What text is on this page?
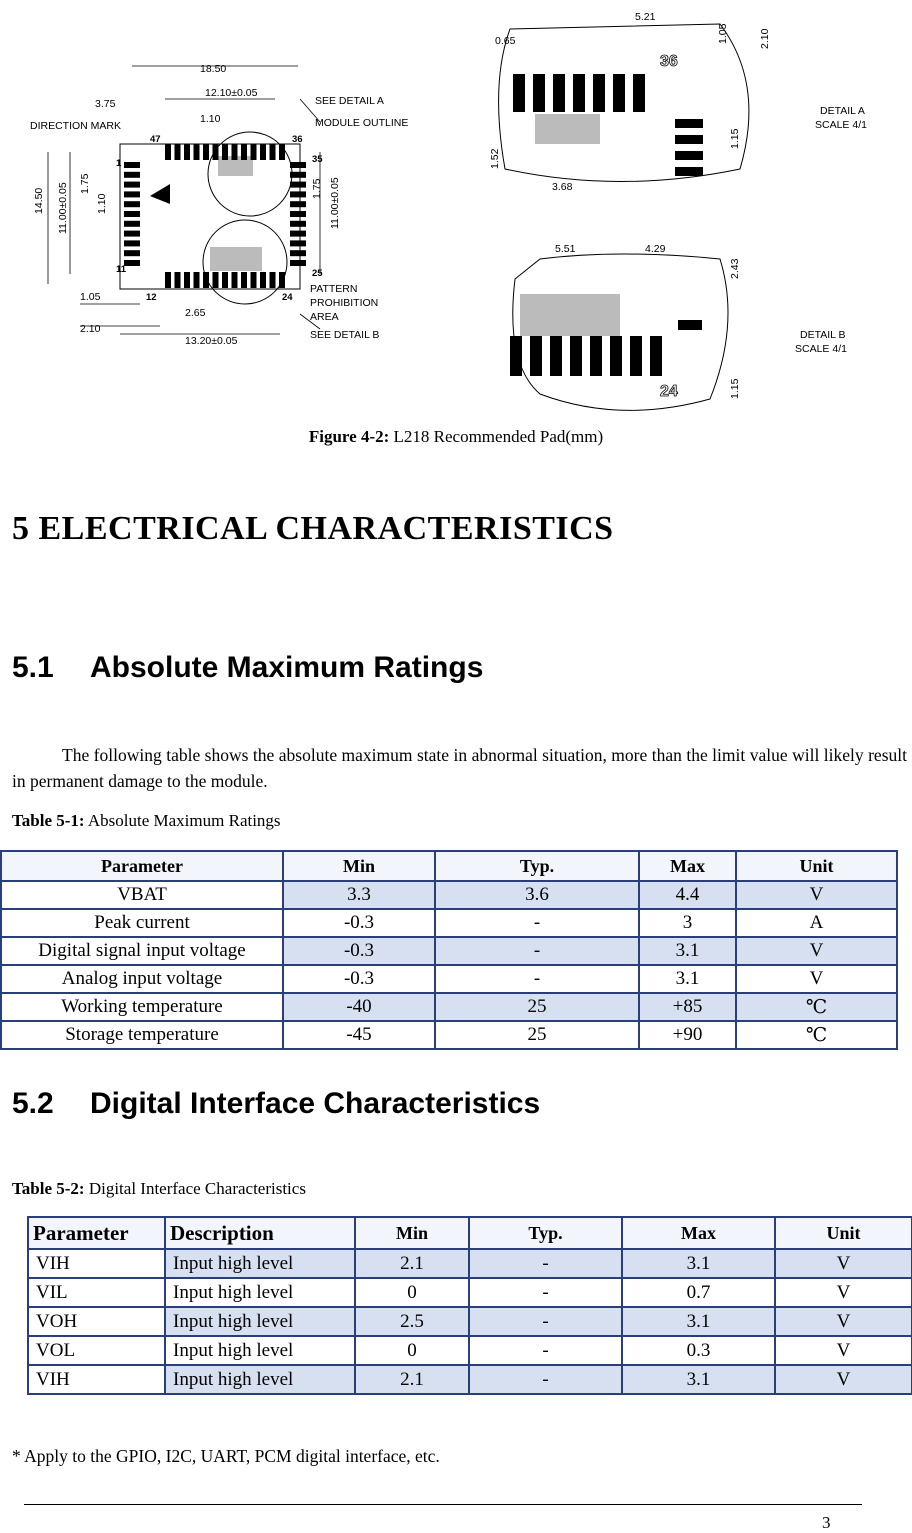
18.50
12.10±0.05
3.75
1.10
14.50 11.00±0.05 1.75
1.10
1.75 11.00±0.05
1.05
2.10
2.65
13.20±0.05
DIRECTION MARK
SEE DETAIL A
MODULE OUTLINE
PATTERN
PROHIBITION
AREA
SEE DETAIL B
1
11
12	24
25
35
36
47
0.65
5.21
1.05	2.10
1.52
1.15
3.68
36
DETAIL A
SCALE 4/1
5.51	4.29
2.43
1.15
24
DETAIL B
SCALE 4/1
Figure 4-2: L218 Recommended Pad(mm)
5 ELECTRICAL CHARACTERISTICS
5.1 Absolute Maximum Ratings
The following table shows the absolute maximum state in abnormal situation, more than the limit value will likely result in permanent damage to the module.
Table 5-1: Absolute Maximum Ratings
Parameter	Min	Typ.	Max	Unit
VBAT	3.3	3.6	4.4	V
Peak current	-0.3	-	3	A
Digital signal input voltage	-0.3	-	3.1	V
Analog input voltage	-0.3	-	3.1	V
Working temperature	-40	25	+85	℃
Storage temperature	-45	25	+90	℃
5.2 Digital Interface Characteristics
Table 5-2: Digital Interface Characteristics
Parameter	Description	Min	Typ.	Max	Unit
VIH	Input high level	2.1	-	3.1	V
VIL	Input high level	0	-	0.7	V
VOH	Input high level	2.5	-	3.1	V
VOL	Input high level	0	-	0.3	V
VIH	Input high level	2.1	-	3.1	V
* Apply to the GPIO, I2C, UART, PCM digital interface, etc.
3
